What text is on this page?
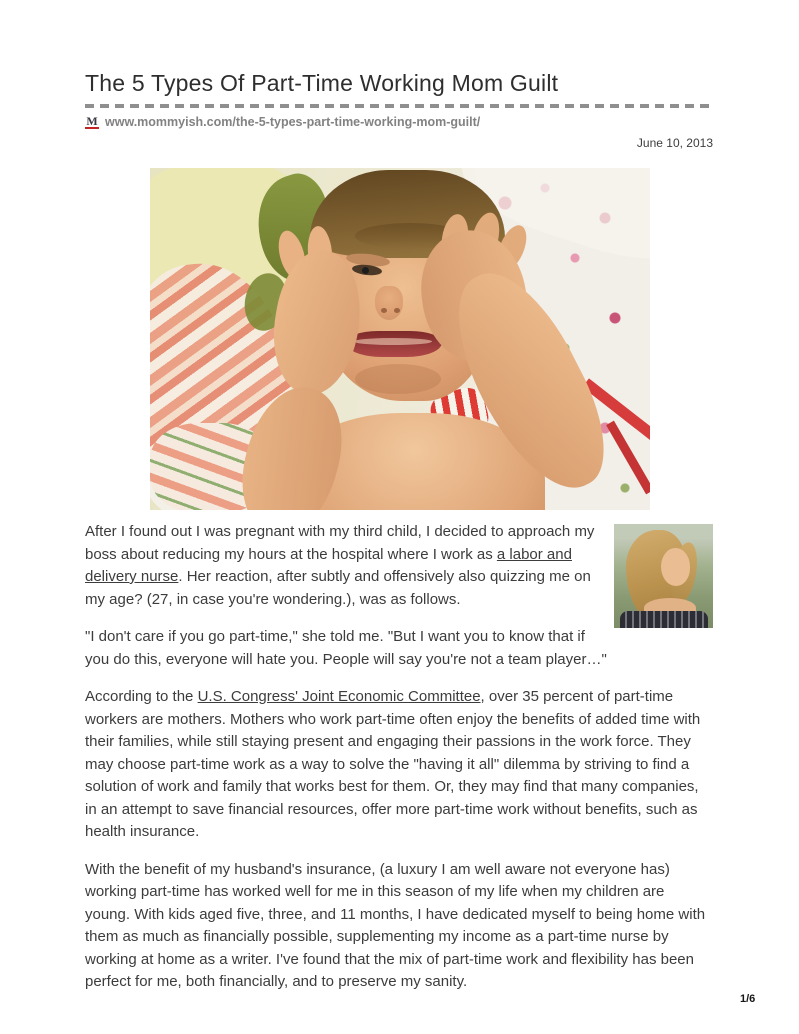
The 5 Types Of Part-Time Working Mom Guilt
M www.mommyish.com/the-5-types-part-time-working-mom-guilt/
June 10, 2013

After I found out I was pregnant with my third child, I decided to approach my boss about reducing my hours at the hospital where I work as a labor and delivery nurse. Her reaction, after subtly and offensively also quizzing me on my age? (27, in case you're wondering.), was as follows.

"I don't care if you go part-time," she told me. "But I want you to know that if you do this, everyone will hate you. People will say you're not a team player…"

According to the U.S. Congress' Joint Economic Committee, over 35 percent of part-time workers are mothers. Mothers who work part-time often enjoy the benefits of added time with their families, while still staying present and engaging their passions in the work force. They may choose part-time work as a way to solve the "having it all" dilemma by striving to find a solution of work and family that works best for them. Or, they may find that many companies, in an attempt to save financial resources, offer more part-time work without benefits, such as health insurance.

With the benefit of my husband's insurance, (a luxury I am well aware not everyone has) working part-time has worked well for me in this season of my life when my children are young. With kids aged five, three, and 11 months, I have dedicated myself to being home with them as much as financially possible, supplementing my income as a part-time nurse by working at home as a writer. I've found that the mix of part-time work and flexibility has been perfect for me, both financially, and to preserve my sanity.

1/6
